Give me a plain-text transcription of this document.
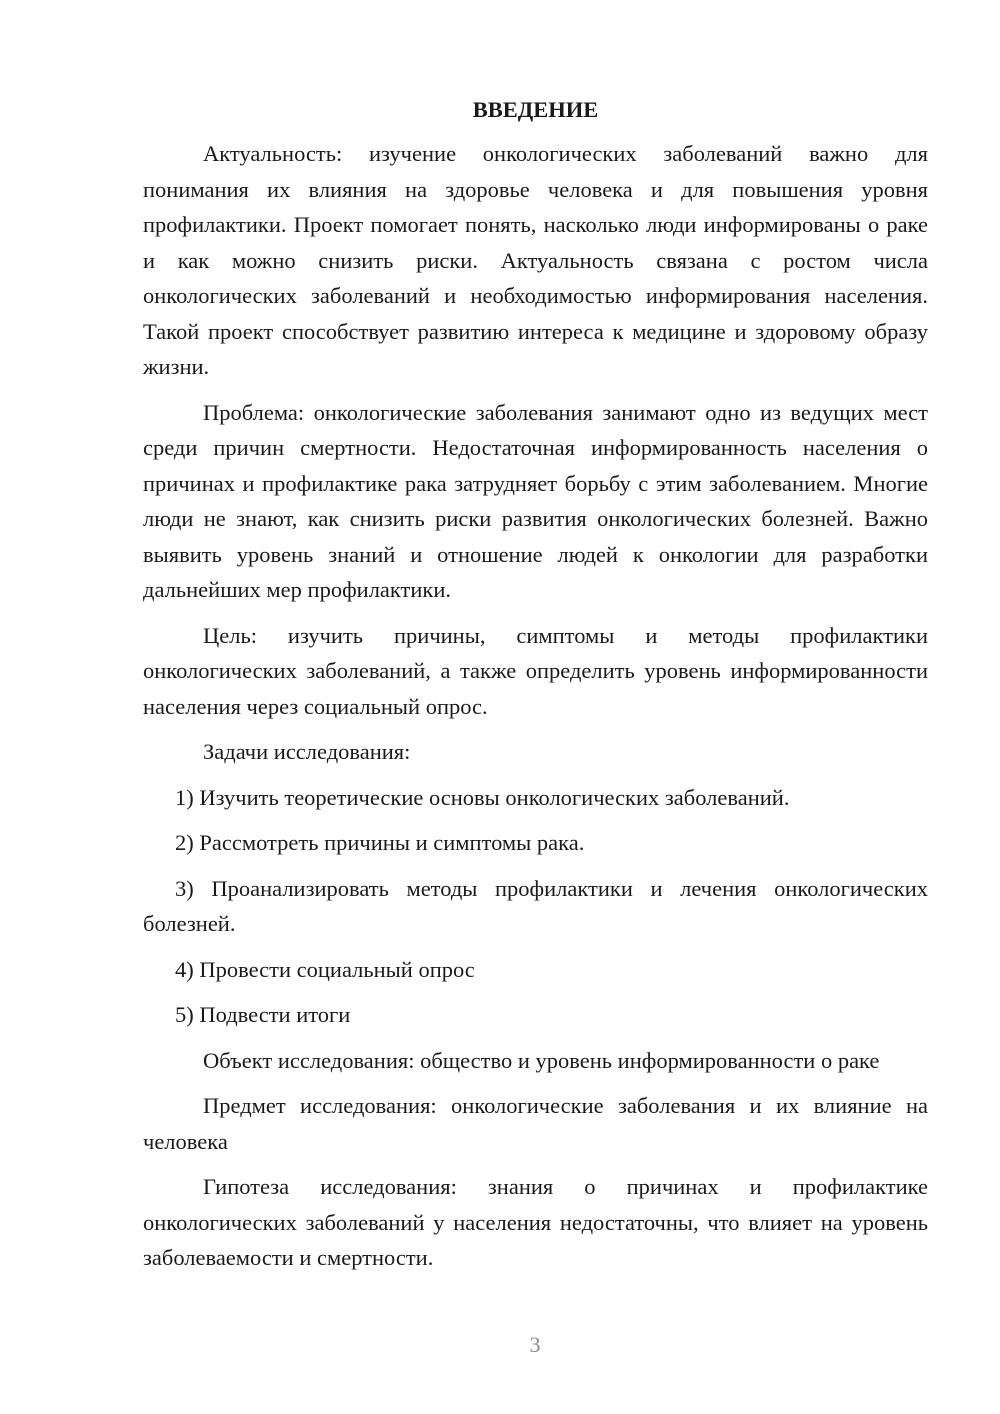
ВВЕДЕНИЕ

Актуальность: изучение онкологических заболеваний важно для понимания их влияния на здоровье человека и для повышения уровня профилактики. Проект помогает понять, насколько люди информированы о раке и как можно снизить риски. Актуальность связана с ростом числа онкологических заболеваний и необходимостью информирования населения. Такой проект способствует развитию интереса к медицине и здоровому образу жизни.

Проблема: онкологические заболевания занимают одно из ведущих мест среди причин смертности. Недостаточная информированность населения о причинах и профилактике рака затрудняет борьбу с этим заболеванием. Многие люди не знают, как снизить риски развития онкологических болезней. Важно выявить уровень знаний и отношение людей к онкологии для разработки дальнейших мер профилактики.

Цель: изучить причины, симптомы и методы профилактики онкологических заболеваний, а также определить уровень информированности населения через социальный опрос.

Задачи исследования:

1) Изучить теоретические основы онкологических заболеваний.

2) Рассмотреть причины и симптомы рака.

3) Проанализировать методы профилактики и лечения онкологических болезней.

4) Провести социальный опрос

5) Подвести итоги

Объект исследования: общество и уровень информированности о раке

Предмет исследования: онкологические заболевания и их влияние на человека

Гипотеза исследования: знания о причинах и профилактике онкологических заболеваний у населения недостаточны, что влияет на уровень заболеваемости и смертности.

3
